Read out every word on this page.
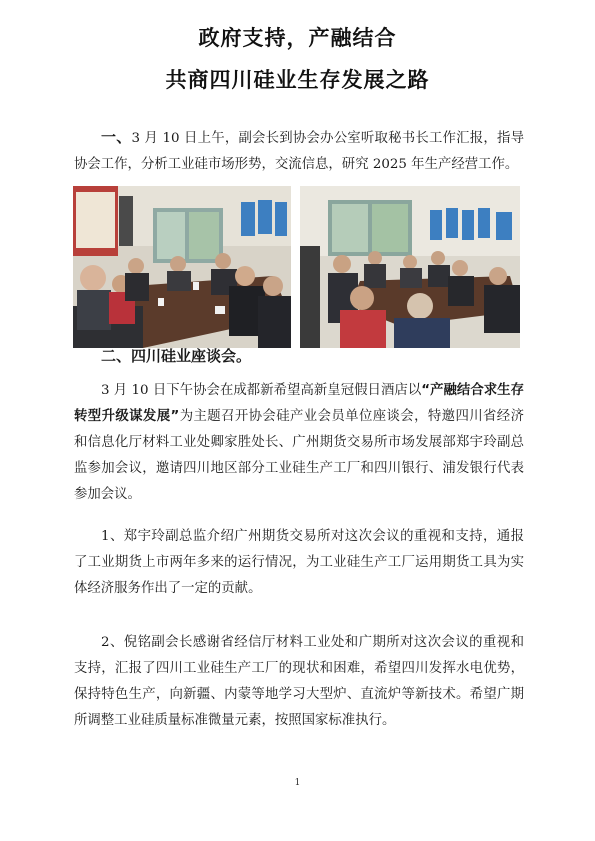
政府支持，产融结合
共商四川硅业生存发展之路

一、3 月 10 日上午，副会长到协会办公室听取秘书长工作汇报，指导协会工作，分析工业硅市场形势，交流信息，研究 2025 年生产经营工作。

二、四川硅业座谈会。

3 月 10 日下午协会在成都新希望高新皇冠假日酒店以“产融结合求生存 转型升级谋发展”为主题召开协会硅产业会员单位座谈会，特邀四川省经济和信息化厅材料工业处卿家胜处长、广州期货交易所市场发展部郑宇玲副总监参加会议，邀请四川地区部分工业硅生产工厂和四川银行、浦发银行代表参加会议。

1、郑宇玲副总监介绍广州期货交易所对这次会议的重视和支持，通报了工业期货上市两年多来的运行情况，为工业硅生产工厂运用期货工具为实体经济服务作出了一定的贡献。

2、倪铭副会长感谢省经信厅材料工业处和广期所对这次会议的重视和支持，汇报了四川工业硅生产工厂的现状和困难，希望四川发挥水电优势，保持特色生产，向新疆、内蒙等地学习大型炉、直流炉等新技术。希望广期所调整工业硅质量标准微量元素，按照国家标准执行。

1
